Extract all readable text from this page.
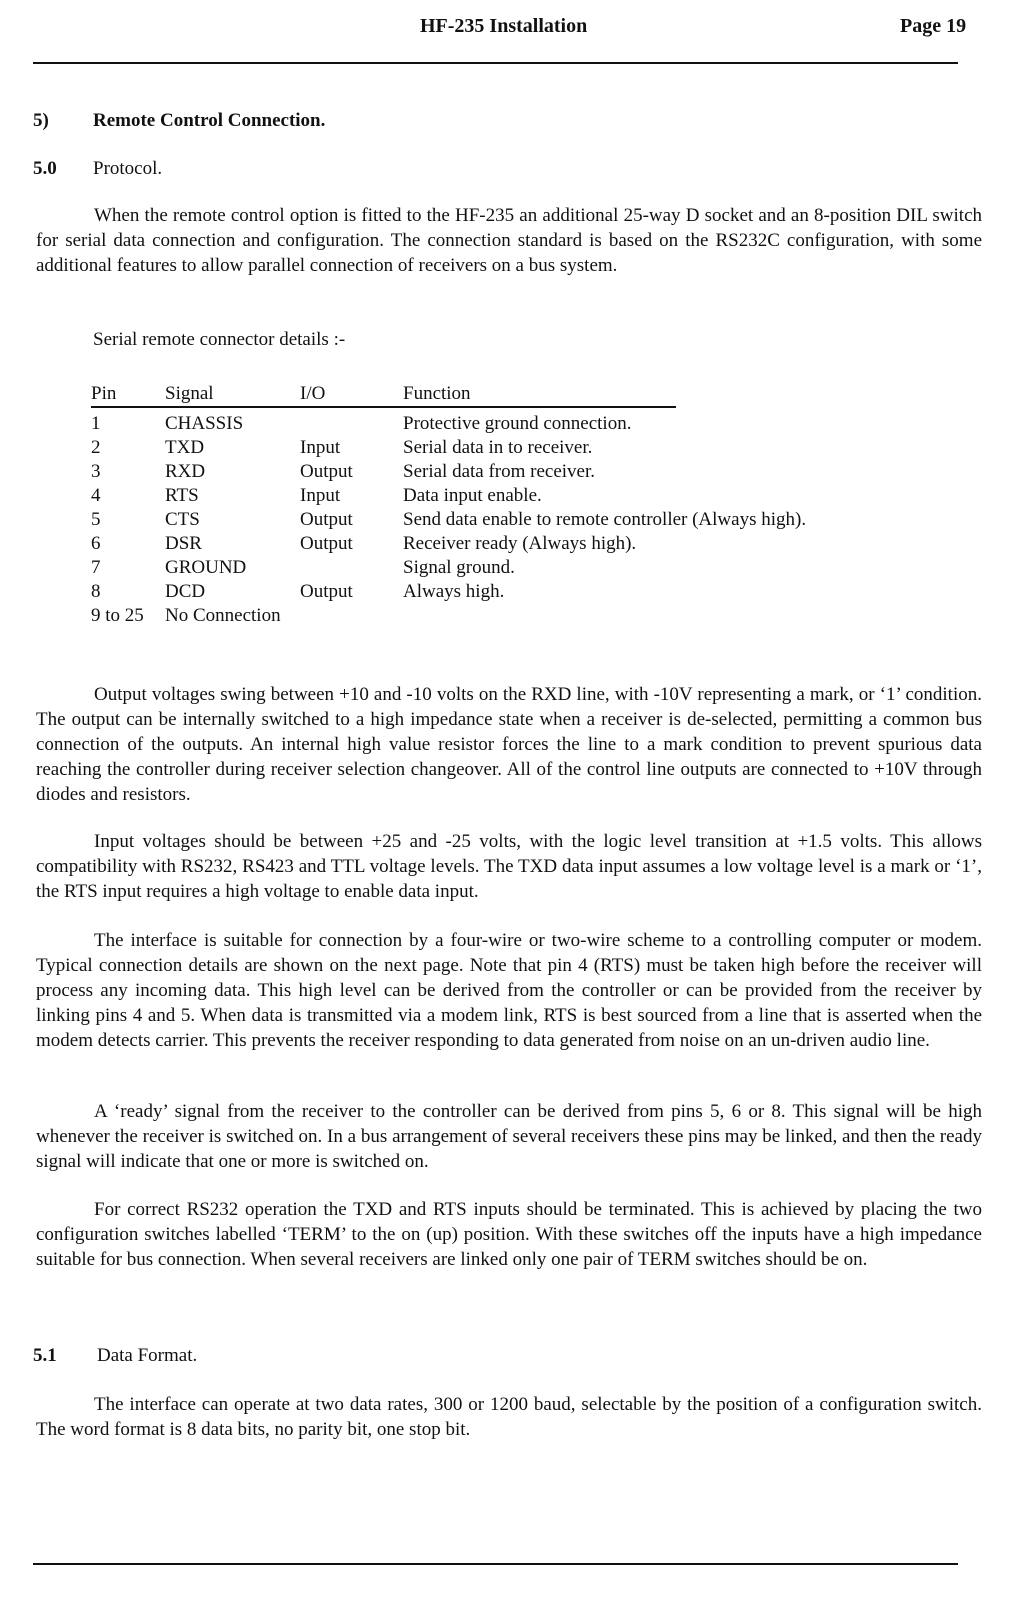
HF-235 Installation	Page 19
5) Remote Control Connection.
5.0 Protocol.

When the remote control option is fitted to the HF-235 an additional 25-way D socket and an 8-position DIL switch for serial data connection and configuration. The connection standard is based on the RS232C configuration, with some additional features to allow parallel connection of receivers on a bus system.

Serial remote connector details :-
Pin	Signal	I/O	Function
1	CHASSIS		Protective ground connection.
2	TXD	Input	Serial data in to receiver.
3	RXD	Output	Serial data from receiver.
4	RTS	Input	Data input enable.
5	CTS	Output	Send data enable to remote controller (Always high).
6	DSR	Output	Receiver ready (Always high).
7	GROUND		Signal ground.
8	DCD	Output	Always high.
9 to 25	No Connection		

Output voltages swing between +10 and -10 volts on the RXD line, with -10V representing a mark, or ‘1’ condition. The output can be internally switched to a high impedance state when a receiver is de-selected, permitting a common bus connection of the outputs. An internal high value resistor forces the line to a mark condition to prevent spurious data reaching the controller during receiver selection changeover. All of the control line outputs are connected to +10V through diodes and resistors.

Input voltages should be between +25 and -25 volts, with the logic level transition at +1.5 volts. This allows compatibility with RS232, RS423 and TTL voltage levels. The TXD data input assumes a low voltage level is a mark or ‘1’, the RTS input requires a high voltage to enable data input.

The interface is suitable for connection by a four-wire or two-wire scheme to a controlling computer or modem. Typical connection details are shown on the next page. Note that pin 4 (RTS) must be taken high before the receiver will process any incoming data. This high level can be derived from the controller or can be provided from the receiver by linking pins 4 and 5. When data is transmitted via a modem link, RTS is best sourced from a line that is asserted when the modem detects carrier. This prevents the receiver responding to data generated from noise on an un-driven audio line.

A ‘ready’ signal from the receiver to the controller can be derived from pins 5, 6 or 8. This signal will be high whenever the receiver is switched on. In a bus arrangement of several receivers these pins may be linked, and then the ready signal will indicate that one or more is switched on.

For correct RS232 operation the TXD and RTS inputs should be terminated. This is achieved by placing the two configuration switches labelled ‘TERM’ to the on (up) position. With these switches off the inputs have a high impedance suitable for bus connection. When several receivers are linked only one pair of TERM switches should be on.

5.1 Data Format.

The interface can operate at two data rates, 300 or 1200 baud, selectable by the position of a configuration switch. The word format is 8 data bits, no parity bit, one stop bit.
